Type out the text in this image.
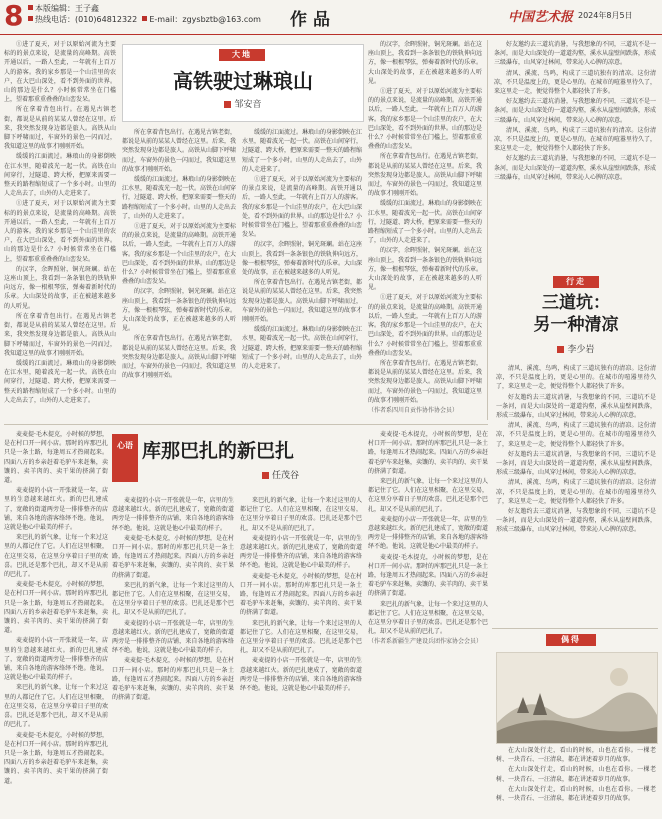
8	本版编辑：王子鑫
热线电话：(010)64812322 E-mail：zgysbztb@163.com 作品	中国艺术报 2024年8月5日

①进了夏天，对于以原始河流为主要标的的景点来说，是流量的高峰期。高铁开通以后，一路人至此，一年就有上百万人的游客。我的家乡那是一个山洼里的农户，在大巴山深处，看不到外面的世界。山的那边是什么？小时候常常坐在门槛上，望着那重重叠叠的山峦发呆。

所在拿着背包出行。在遇见古镇老街，都说是从前的某某人曾经在这里。后来，我突然发现身边都是旅人。高铁从山脚下呼啸而过，车窗外的景色一闪而过，我知道这里的故事才刚刚开始。

缓缓的江面流过。琳琅山的身影倒映在江水里，随着波光一起一伏。高铁在山间穿行，过隧道、跨大桥，把原来需要一整天的路程缩短成了一个多小时。山里的人走出去了，山外的人走进来了。

①进了夏天，对于以原始河流为主要标的的景点来说，是流量的高峰期。高铁开通以后，一路人至此，一年就有上百万人的游客。我的家乡那是一个山洼里的农户，在大巴山深处，看不到外面的世界。山的那边是什么？小时候常常坐在门槛上，望着那重重叠叠的山峦发呆。

的汉字，余晖照射，铜光斑斓。站在这座山顶上，我看到一条条银色的铁轨伸向远方，像一根根琴弦，弹奏着新时代的乐章。大山深处的故事，正在被越来越多的人听见。

所在拿着背包出行。在遇见古镇老街，都说是从前的某某人曾经在这里。后来，我突然发现身边都是旅人。高铁从山脚下呼啸而过，车窗外的景色一闪而过，我知道这里的故事才刚刚开始。

缓缓的江面流过。琳琅山的身影倒映在江水里，随着波光一起一伏。高铁在山间穿行，过隧道、跨大桥，把原来需要一整天的路程缩短成了一个多小时。山里的人走出去了，山外的人走进来了。

大地
高铁驶过琳琅山
邹安音

所在拿着背包出行。在遇见古镇老街，都说是从前的某某人曾经在这里。后来，我突然发现身边都是旅人。高铁从山脚下呼啸而过，车窗外的景色一闪而过，我知道这里的故事才刚刚开始。

缓缓的江面流过。琳琅山的身影倒映在江水里，随着波光一起一伏。高铁在山间穿行，过隧道、跨大桥，把原来需要一整天的路程缩短成了一个多小时。山里的人走出去了，山外的人走进来了。

①进了夏天，对于以原始河流为主要标的的景点来说，是流量的高峰期。高铁开通以后，一路人至此，一年就有上百万人的游客。我的家乡那是一个山洼里的农户，在大巴山深处，看不到外面的世界。山的那边是什么？小时候常常坐在门槛上，望着那重重叠叠的山峦发呆。

的汉字，余晖照射，铜光斑斓。站在这座山顶上，我看到一条条银色的铁轨伸向远方，像一根根琴弦，弹奏着新时代的乐章。大山深处的故事，正在被越来越多的人听见。

所在拿着背包出行。在遇见古镇老街，都说是从前的某某人曾经在这里。后来，我突然发现身边都是旅人。高铁从山脚下呼啸而过，车窗外的景色一闪而过，我知道这里的故事才刚刚开始。

缓缓的江面流过。琳琅山的身影倒映在江水里，随着波光一起一伏。高铁在山间穿行，过隧道、跨大桥，把原来需要一整天的路程缩短成了一个多小时。山里的人走出去了，山外的人走进来了。

①进了夏天，对于以原始河流为主要标的的景点来说，是流量的高峰期。高铁开通以后，一路人至此，一年就有上百万人的游客。我的家乡那是一个山洼里的农户，在大巴山深处，看不到外面的世界。山的那边是什么？小时候常常坐在门槛上，望着那重重叠叠的山峦发呆。

的汉字，余晖照射，铜光斑斓。站在这座山顶上，我看到一条条银色的铁轨伸向远方，像一根根琴弦，弹奏着新时代的乐章。大山深处的故事，正在被越来越多的人听见。

所在拿着背包出行。在遇见古镇老街，都说是从前的某某人曾经在这里。后来，我突然发现身边都是旅人。高铁从山脚下呼啸而过，车窗外的景色一闪而过，我知道这里的故事才刚刚开始。

缓缓的江面流过。琳琅山的身影倒映在江水里，随着波光一起一伏。高铁在山间穿行，过隧道、跨大桥，把原来需要一整天的路程缩短成了一个多小时。山里的人走出去了，山外的人走进来了。

的汉字，余晖照射，铜光斑斓。站在这座山顶上，我看到一条条银色的铁轨伸向远方，像一根根琴弦，弹奏着新时代的乐章。大山深处的故事，正在被越来越多的人听见。

①进了夏天，对于以原始河流为主要标的的景点来说，是流量的高峰期。高铁开通以后，一路人至此，一年就有上百万人的游客。我的家乡那是一个山洼里的农户，在大巴山深处，看不到外面的世界。山的那边是什么？小时候常常坐在门槛上，望着那重重叠叠的山峦发呆。

所在拿着背包出行。在遇见古镇老街，都说是从前的某某人曾经在这里。后来，我突然发现身边都是旅人。高铁从山脚下呼啸而过，车窗外的景色一闪而过，我知道这里的故事才刚刚开始。

缓缓的江面流过。琳琅山的身影倒映在江水里，随着波光一起一伏。高铁在山间穿行，过隧道、跨大桥，把原来需要一整天的路程缩短成了一个多小时。山里的人走出去了，山外的人走进来了。

的汉字，余晖照射，铜光斑斓。站在这座山顶上，我看到一条条银色的铁轨伸向远方，像一根根琴弦，弹奏着新时代的乐章。大山深处的故事，正在被越来越多的人听见。

①进了夏天，对于以原始河流为主要标的的景点来说，是流量的高峰期。高铁开通以后，一路人至此，一年就有上百万人的游客。我的家乡那是一个山洼里的农户，在大巴山深处，看不到外面的世界。山的那边是什么？小时候常常坐在门槛上，望着那重重叠叠的山峦发呆。

所在拿着背包出行。在遇见古镇老街，都说是从前的某某人曾经在这里。后来，我突然发现身边都是旅人。高铁从山脚下呼啸而过，车窗外的景色一闪而过，我知道这里的故事才刚刚开始。

（作者系四川自贡作协作协会员）

好友邀约去三道坑消暑，与我想象的不同，三道坑不是一条河，而是大山深处的一道道沟壑，溪水从崖壁间跌落，形成三级瀑布，山风穿过林间，带来沁人心脾的凉意。

清风、溪流、鸟鸣，构成了三道坑独有的清凉。这份清凉，不只是温度上的，更是心里的。在城市的喧嚣里待久了，来这里走一走，便觉得整个人都轻快了许多。

好友邀约去三道坑消暑，与我想象的不同，三道坑不是一条河，而是大山深处的一道道沟壑，溪水从崖壁间跌落，形成三级瀑布，山风穿过林间，带来沁人心脾的凉意。

清风、溪流、鸟鸣，构成了三道坑独有的清凉。这份清凉，不只是温度上的，更是心里的。在城市的喧嚣里待久了，来这里走一走，便觉得整个人都轻快了许多。

好友邀约去三道坑消暑，与我想象的不同，三道坑不是一条河，而是大山深处的一道道沟壑，溪水从崖壁间跌落，形成三级瀑布，山风穿过林间，带来沁人心脾的凉意。

行走
三道坑：
另一种清凉
李少岩

清风、溪流、鸟鸣，构成了三道坑独有的清凉。这份清凉，不只是温度上的，更是心里的。在城市的喧嚣里待久了，来这里走一走，便觉得整个人都轻快了许多。

好友邀约去三道坑消暑，与我想象的不同，三道坑不是一条河，而是大山深处的一道道沟壑，溪水从崖壁间跌落，形成三级瀑布，山风穿过林间，带来沁人心脾的凉意。

清风、溪流、鸟鸣，构成了三道坑独有的清凉。这份清凉，不只是温度上的，更是心里的。在城市的喧嚣里待久了，来这里走一走，便觉得整个人都轻快了许多。

好友邀约去三道坑消暑，与我想象的不同，三道坑不是一条河，而是大山深处的一道道沟壑，溪水从崖壁间跌落，形成三级瀑布，山风穿过林间，带来沁人心脾的凉意。

清风、溪流、鸟鸣，构成了三道坑独有的清凉。这份清凉，不只是温度上的，更是心里的。在城市的喧嚣里待久了，来这里走一走，便觉得整个人都轻快了许多。

好友邀约去三道坑消暑，与我想象的不同，三道坑不是一条河，而是大山深处的一道道沟壑，溪水从崖壁间跌落，形成三级瀑布，山风穿过林间，带来沁人心脾的凉意。

麦麦提·毛木提克，小时候的梦想，是在村口开一间小店。那时的库那巴扎只是一条土路，每逢周五才热闹起来。四面八方的乡亲赶着毛驴车来赶集，卖馕的、卖羊肉的、卖干果的挤满了街道。

麦麦提的小店一开张就是一年，店里的生意越来越红火。新的巴扎建成了，宽敞的街道两旁是一排排整齐的店铺，来自各地的游客络绎不绝。他说，这就是他心中最美的样子。

来巴扎的新气象，让每一个来过这里的人都记住了它。人们在这里相聚，在这里交易，在这里分享着日子里的欢喜。巴扎还是那个巴扎，却又不是从前的巴扎了。

麦麦提·毛木提克，小时候的梦想，是在村口开一间小店。那时的库那巴扎只是一条土路，每逢周五才热闹起来。四面八方的乡亲赶着毛驴车来赶集，卖馕的、卖羊肉的、卖干果的挤满了街道。

麦麦提的小店一开张就是一年，店里的生意越来越红火。新的巴扎建成了，宽敞的街道两旁是一排排整齐的店铺，来自各地的游客络绎不绝。他说，这就是他心中最美的样子。

来巴扎的新气象，让每一个来过这里的人都记住了它。人们在这里相聚，在这里交易，在这里分享着日子里的欢喜。巴扎还是那个巴扎，却又不是从前的巴扎了。

麦麦提·毛木提克，小时候的梦想，是在村口开一间小店。那时的库那巴扎只是一条土路，每逢周五才热闹起来。四面八方的乡亲赶着毛驴车来赶集，卖馕的、卖羊肉的、卖干果的挤满了街道。

心语 库那巴扎的新巴扎
任茂谷

麦麦提的小店一开张就是一年，店里的生意越来越红火。新的巴扎建成了，宽敞的街道两旁是一排排整齐的店铺，来自各地的游客络绎不绝。他说，这就是他心中最美的样子。

麦麦提·毛木提克，小时候的梦想，是在村口开一间小店。那时的库那巴扎只是一条土路，每逢周五才热闹起来。四面八方的乡亲赶着毛驴车来赶集，卖馕的、卖羊肉的、卖干果的挤满了街道。

来巴扎的新气象，让每一个来过这里的人都记住了它。人们在这里相聚，在这里交易，在这里分享着日子里的欢喜。巴扎还是那个巴扎，却又不是从前的巴扎了。

麦麦提的小店一开张就是一年，店里的生意越来越红火。新的巴扎建成了，宽敞的街道两旁是一排排整齐的店铺，来自各地的游客络绎不绝。他说，这就是他心中最美的样子。

麦麦提·毛木提克，小时候的梦想，是在村口开一间小店。那时的库那巴扎只是一条土路，每逢周五才热闹起来。四面八方的乡亲赶着毛驴车来赶集，卖馕的、卖羊肉的、卖干果的挤满了街道。

来巴扎的新气象，让每一个来过这里的人都记住了它。人们在这里相聚，在这里交易，在这里分享着日子里的欢喜。巴扎还是那个巴扎，却又不是从前的巴扎了。

麦麦提的小店一开张就是一年，店里的生意越来越红火。新的巴扎建成了，宽敞的街道两旁是一排排整齐的店铺，来自各地的游客络绎不绝。他说，这就是他心中最美的样子。

麦麦提·毛木提克，小时候的梦想，是在村口开一间小店。那时的库那巴扎只是一条土路，每逢周五才热闹起来。四面八方的乡亲赶着毛驴车来赶集，卖馕的、卖羊肉的、卖干果的挤满了街道。

来巴扎的新气象，让每一个来过这里的人都记住了它。人们在这里相聚，在这里交易，在这里分享着日子里的欢喜。巴扎还是那个巴扎，却又不是从前的巴扎了。

麦麦提的小店一开张就是一年，店里的生意越来越红火。新的巴扎建成了，宽敞的街道两旁是一排排整齐的店铺，来自各地的游客络绎不绝。他说，这就是他心中最美的样子。

麦麦提·毛木提克，小时候的梦想，是在村口开一间小店。那时的库那巴扎只是一条土路，每逢周五才热闹起来。四面八方的乡亲赶着毛驴车来赶集，卖馕的、卖羊肉的、卖干果的挤满了街道。

来巴扎的新气象，让每一个来过这里的人都记住了它。人们在这里相聚，在这里交易，在这里分享着日子里的欢喜。巴扎还是那个巴扎，却又不是从前的巴扎了。

麦麦提的小店一开张就是一年，店里的生意越来越红火。新的巴扎建成了，宽敞的街道两旁是一排排整齐的店铺，来自各地的游客络绎不绝。他说，这就是他心中最美的样子。

麦麦提·毛木提克，小时候的梦想，是在村口开一间小店。那时的库那巴扎只是一条土路，每逢周五才热闹起来。四面八方的乡亲赶着毛驴车来赶集，卖馕的、卖羊肉的、卖干果的挤满了街道。

来巴扎的新气象，让每一个来过这里的人都记住了它。人们在这里相聚，在这里交易，在这里分享着日子里的欢喜。巴扎还是那个巴扎，却又不是从前的巴扎了。

（作者系新疆生产建设兵团作家协会会员）	偶得

在大山深处行走，看山的时候，山也在看你。一棵老树、一块青石、一汪清泉，都在讲述着岁月的故事。

在大山深处行走，看山的时候，山也在看你。一棵老树、一块青石、一汪清泉，都在讲述着岁月的故事。

在大山深处行走，看山的时候，山也在看你。一棵老树、一块青石、一汪清泉，都在讲述着岁月的故事。
